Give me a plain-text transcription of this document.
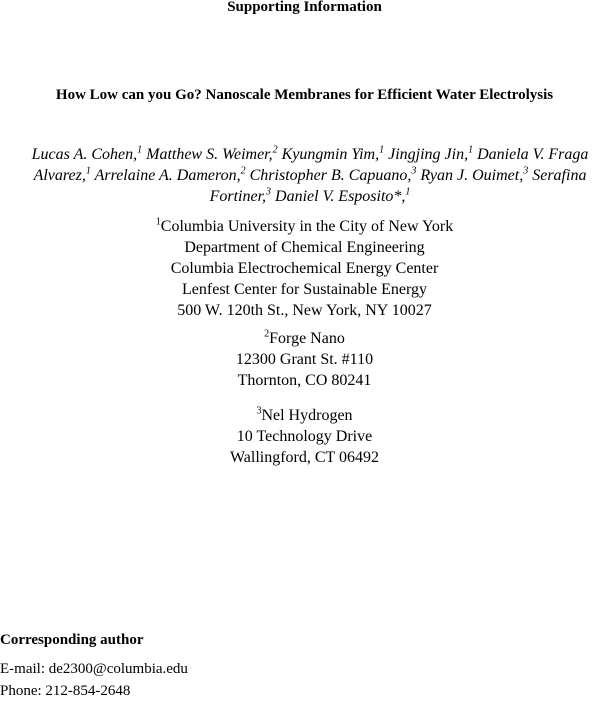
Supporting Information
How Low can you Go? Nanoscale Membranes for Efficient Water Electrolysis
Lucas A. Cohen,$^1$ Matthew S. Weimer,$^2$ Kyungmin Yim,$^1$ Jingjing Jin,$^1$ Daniela V. Fraga Alvarez,$^1$ Arrelaine A. Dameron,$^2$ Christopher B. Capuano,$^3$ Ryan J. Ouimet,$^3$ Serafina Fortiner,$^3$ Daniel V. Esposito*,$^1$
$^1$Columbia University in the City of New York
Department of Chemical Engineering
Columbia Electrochemical Energy Center
Lenfest Center for Sustainable Energy
500 W. 120th St., New York, NY 10027
$^2$Forge Nano
12300 Grant St. #110
Thornton, CO 80241
$^3$Nel Hydrogen
10 Technology Drive
Wallingford, CT 06492
Corresponding author
E-mail: de2300@columbia.edu
Phone: 212-854-2648
